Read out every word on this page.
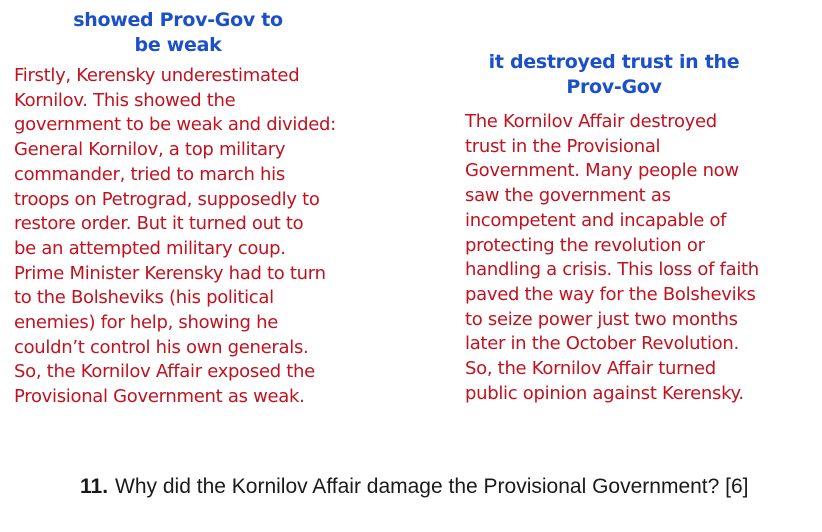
showed Prov-Gov to
be weak
Firstly, Kerensky underestimated
Kornilov. This showed the
government to be weak and divided:
General Kornilov, a top military
commander, tried to march his
troops on Petrograd, supposedly to
restore order. But it turned out to
be an attempted military coup.
Prime Minister Kerensky had to turn
to the Bolsheviks (his political
enemies) for help, showing he
couldn’t control his own generals.
So, the Kornilov Affair exposed the
Provisional Government as weak.
it destroyed trust in the
Prov-Gov
The Kornilov Affair destroyed
trust in the Provisional
Government. Many people now
saw the government as
incompetent and incapable of
protecting the revolution or
handling a crisis. This loss of faith
paved the way for the Bolsheviks
to seize power just two months
later in the October Revolution.
So, the Kornilov Affair turned
public opinion against Kerensky.
11. Why did the Kornilov Affair damage the Provisional Government? [6]
